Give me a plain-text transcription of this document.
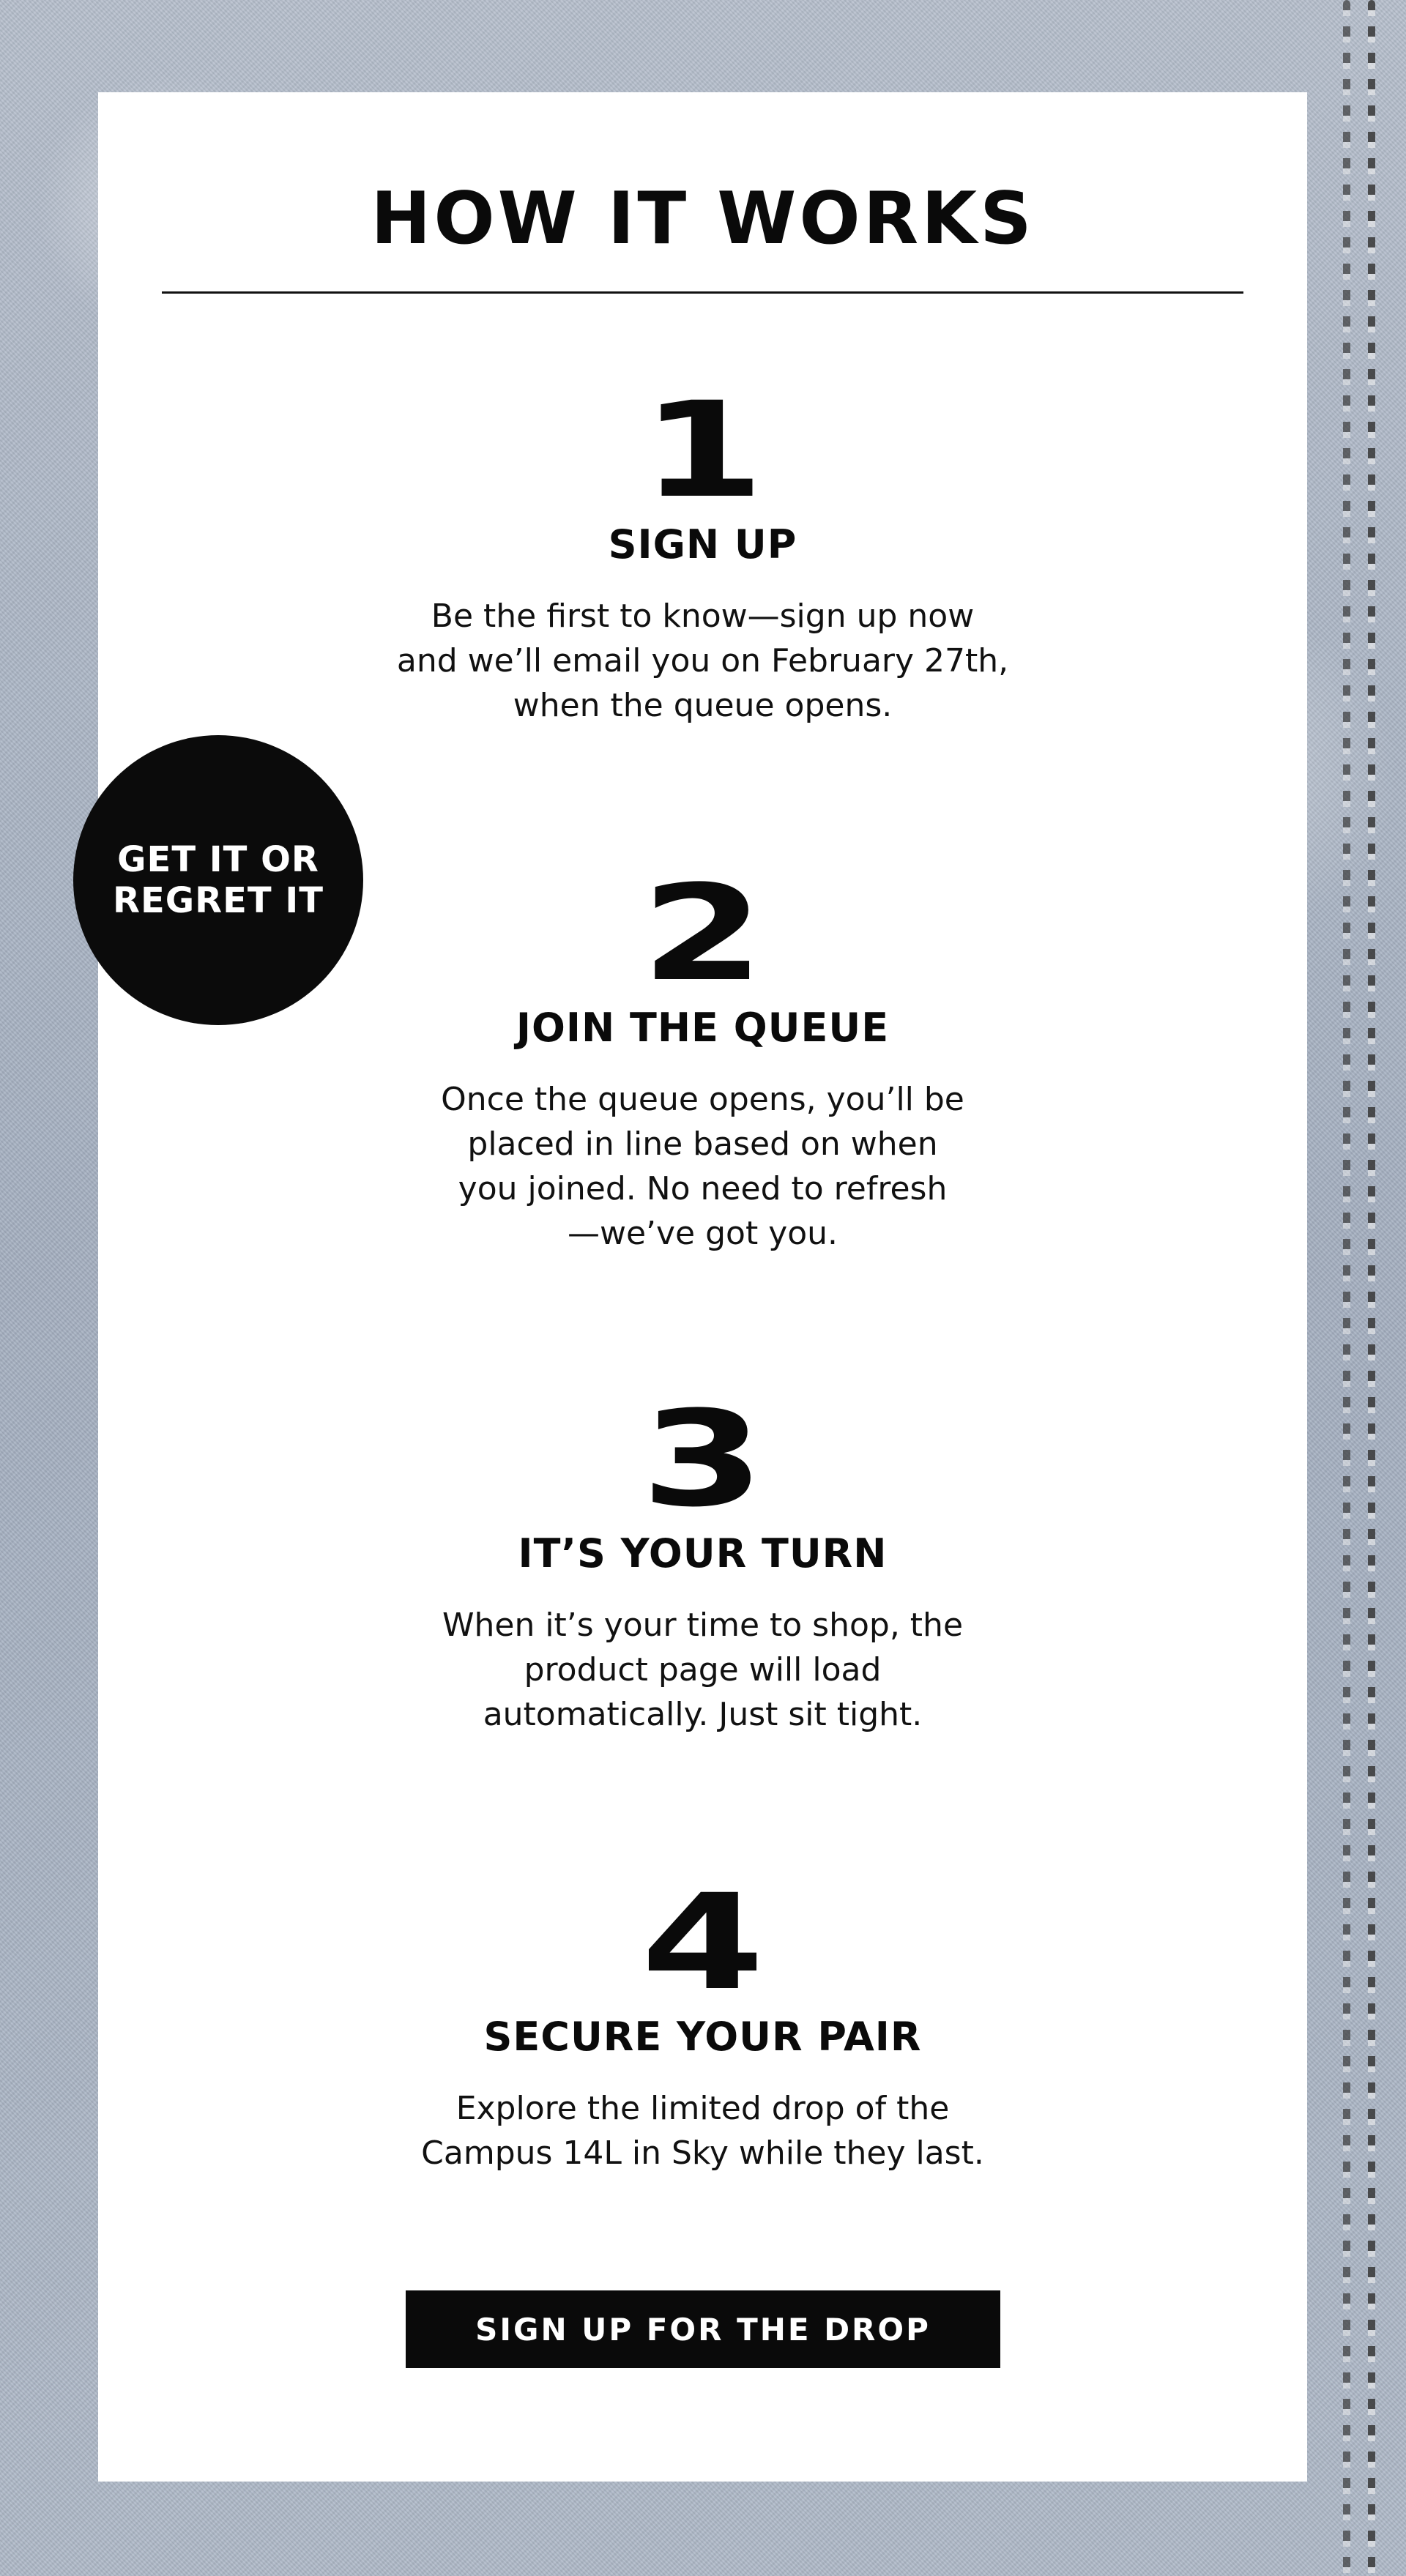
HOW IT WORKS
1
SIGN UP
Be the first to know—sign up now
and we’ll email you on February 27th,
when the queue opens.
2
JOIN THE QUEUE
Once the queue opens, you’ll be
placed in line based on when
you joined. No need to refresh
—we’ve got you.
3
IT’S YOUR TURN
When it’s your time to shop, the
product page will load
automatically. Just sit tight.
4
SECURE YOUR PAIR
Explore the limited drop of the
Campus 14L in Sky while they last.
GET IT OR
REGRET IT
SIGN UP FOR THE DROP
